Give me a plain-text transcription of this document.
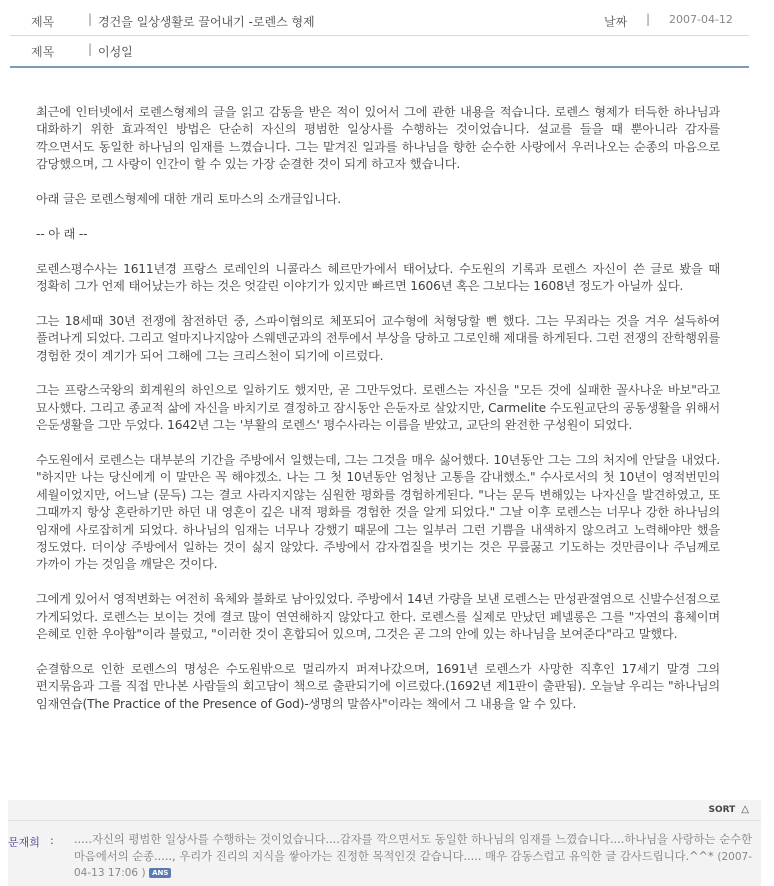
제목	| 경건을 일상생활로 끌어내기 -로렌스 형제	날짜 | 2007-04-12
제목	| 이성일

최근에 인터넷에서 로렌스형제의 글을 읽고 감동을 받은 적이 있어서 그에 관한 내용을 적습니다. 로렌스 형제가 터득한 하나님과 대화하기 위한 효과적인 방법은 단순히 자신의 평범한 일상사를 수행하는 것이었습니다. 설교를 들을 때 뿐아니라 감자를 깍으면서도 동일한 하나님의 임재를 느꼈습니다. 그는 맡겨진 일과를 하나님을 향한 순수한 사랑에서 우러나오는 순종의 마음으로 감당했으며, 그 사랑이 인간이 할 수 있는 가장 순결한 것이 되게 하고자 했습니다.

아래 글은 로렌스형제에 대한 개리 토마스의 소개글입니다.

-- 아 래 --

로렌스평수사는 1611년경 프랑스 로레인의 니콜라스 헤르만가에서 태어났다. 수도원의 기록과 로렌스 자신이 쓴 글로 봤을 때 정확히 그가 언제 태어났는가 하는 것은 엇갈린 이야기가 있지만 빠르면 1606년 혹은 그보다는 1608년 정도가 아닐까 싶다.

그는 18세때 30년 전쟁에 참전하던 중, 스파이혐의로 체포되어 교수형에 처형당할 뻔 했다. 그는 무죄라는 것을 겨우 설득하여 풀려나게 되었다. 그리고 얼마지나지않아 스웨덴군과의 전투에서 부상을 당하고 그로인해 제대를 하게된다. 그런 전쟁의 잔학행위를 경험한 것이 계기가 되어 그해에 그는 크리스천이 되기에 이르렀다.

그는 프랑스국왕의 회계원의 하인으로 일하기도 했지만, 곧 그만두었다. 로렌스는 자신을 "모든 것에 실패한 꼴사나운 바보"라고 묘사했다. 그리고 종교적 삶에 자신을 바치기로 결정하고 잠시동안 은둔자로 살았지만, Carmelite 수도원교단의 공동생활을 위해서 은둔생활을 그만 두었다. 1642년 그는 '부활의 로렌스' 평수사라는 이름을 받았고, 교단의 완전한 구성원이 되었다.

수도원에서 로렌스는 대부분의 기간을 주방에서 일했는데, 그는 그것을 매우 싫어했다. 10년동안 그는 그의 처지에 안달을 내었다. "하지만 나는 당신에게 이 말만은 꼭 해야겠소. 나는 그 첫 10년동안 엄청난 고통을 감내했소." 수사로서의 첫 10년이 영적번민의 세월이었지만, 어느날 (문득) 그는 결코 사라지지않는 심원한 평화를 경험하게된다. "나는 문득 변해있는 나자신을 발견하였고, 또 그때까지 항상 혼란하기만 하던 내 영혼이 깊은 내적 평화를 경험한 것을 알게 되었다." 그날 이후 로렌스는 너무나 강한 하나님의 임재에 사로잡히게 되었다. 하나님의 임재는 너무나 강했기 때문에 그는 일부러 그런 기쁨을 내색하지 않으려고 노력해야만 했을 정도였다. 더이상 주방에서 일하는 것이 싫지 않았다. 주방에서 감자껍질을 벗기는 것은 무릎꿇고 기도하는 것만큼이나 주님께로 가까이 가는 것임을 깨달은 것이다.

그에게 있어서 영적변화는 여전히 육체와 불화로 남아있었다. 주방에서 14년 가량을 보낸 로렌스는 만성관절염으로 신발수선점으로 가게되었다. 로렌스는 보이는 것에 결코 많이 연연해하지 않았다고 한다. 로렌스를 실제로 만났던 페넬롱은 그를 "자연의 흉체이며 은혜로 인한 우아함"이라 불렀고, "이러한 것이 혼합되어 있으며, 그것은 곧 그의 안에 있는 하나님을 보여준다"라고 말했다.

순결함으로 인한 로렌스의 명성은 수도원밖으로 멀리까지 퍼져나갔으며, 1691년 로렌스가 사망한 직후인 17세기 말경 그의 편지묶음과 그를 직접 만나본 사람들의 회고담이 책으로 출판되기에 이르렀다.(1692년 제1판이 출판됨). 오늘날 우리는 "하나님의 임재연습(The Practice of the Presence of God)-생명의 말씀사"이라는 책에서 그 내용을 알 수 있다.

SORT △
문재희 : .....자신의 평범한 일상사를 수행하는 것이었습니다....감자를 깍으면서도 동일한 하나님의 임재를 느꼈습니다....하나님을 사랑하는 순수한 마음에서의 순종....., 우리가 진리의 지식을 쌓아가는 진정한 목적인것 같습니다..... 매우 감동스럽고 유익한 글 감사드립니다.^^* (2007-04-13 17:06 ) ANS
